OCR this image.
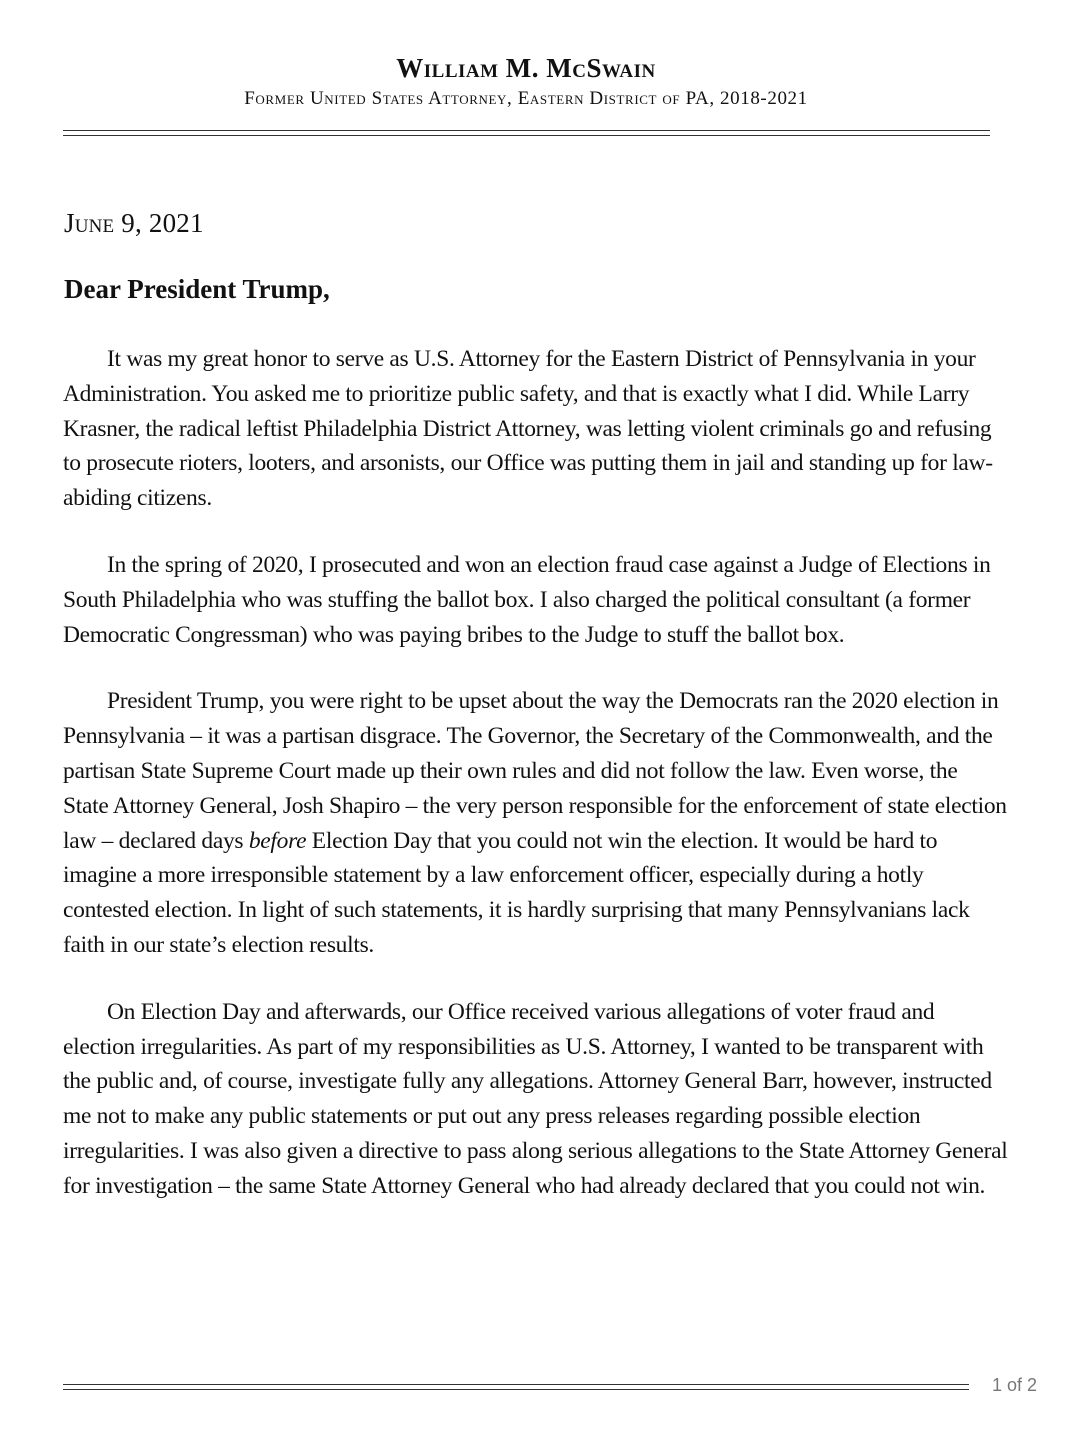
William M. McSwain
Former United States Attorney, Eastern District of PA, 2018-2021
June 9, 2021
Dear President Trump,

It was my great honor to serve as U.S. Attorney for the Eastern District of Pennsylvania in your Administration. You asked me to prioritize public safety, and that is exactly what I did. While Larry Krasner, the radical leftist Philadelphia District Attorney, was letting violent criminals go and refusing to prosecute rioters, looters, and arsonists, our Office was putting them in jail and standing up for law-abiding citizens.

In the spring of 2020, I prosecuted and won an election fraud case against a Judge of Elections in South Philadelphia who was stuffing the ballot box. I also charged the political consultant (a former Democratic Congressman) who was paying bribes to the Judge to stuff the ballot box.

President Trump, you were right to be upset about the way the Democrats ran the 2020 election in Pennsylvania – it was a partisan disgrace. The Governor, the Secretary of the Commonwealth, and the partisan State Supreme Court made up their own rules and did not follow the law. Even worse, the State Attorney General, Josh Shapiro – the very person responsible for the enforcement of state election law – declared days before Election Day that you could not win the election. It would be hard to imagine a more irresponsible statement by a law enforcement officer, especially during a hotly contested election. In light of such statements, it is hardly surprising that many Pennsylvanians lack faith in our state’s election results.

On Election Day and afterwards, our Office received various allegations of voter fraud and election irregularities. As part of my responsibilities as U.S. Attorney, I wanted to be transparent with the public and, of course, investigate fully any allegations. Attorney General Barr, however, instructed me not to make any public statements or put out any press releases regarding possible election irregularities. I was also given a directive to pass along serious allegations to the State Attorney General for investigation – the same State Attorney General who had already declared that you could not win.

1 of 2
